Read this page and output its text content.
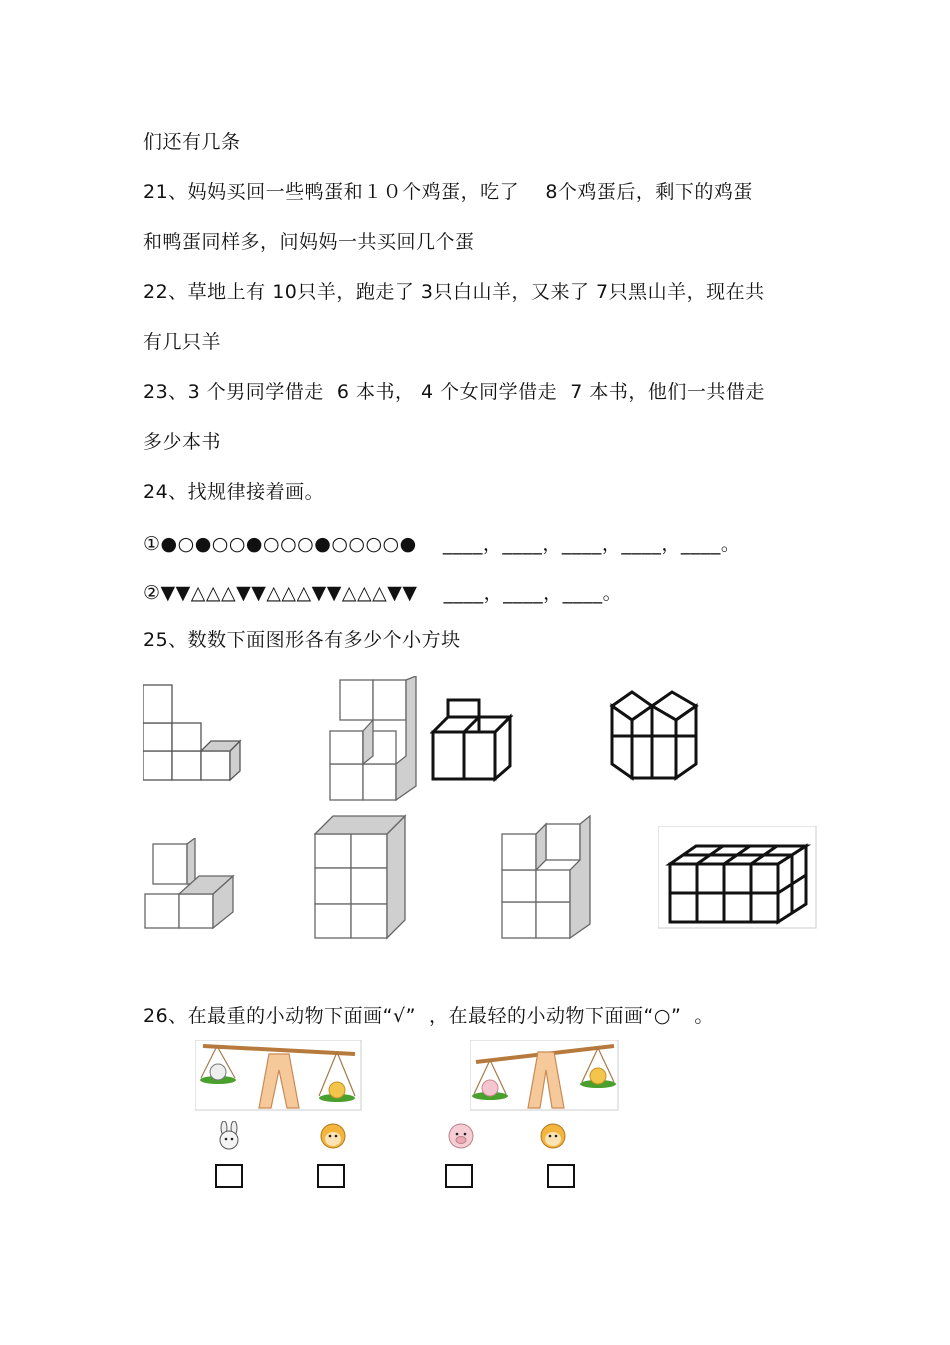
们还有几条
21、妈妈买回一些鸭蛋和１０个鸡蛋，吃了    8个鸡蛋后，剩下的鸡蛋
和鸭蛋同样多，问妈妈一共买回几个蛋
22、草地上有 10只羊，跑走了 3只白山羊，又来了 7只黑山羊，现在共
有几只羊
23、3 个男同学借走  6 本书， 4 个女同学借走  7 本书，他们一共借走
多少本书
24、找规律接着画。
①●○●○○●○○○●○○○○●    ____，____，____，____，____。
②▼▼△△△▼▼△△△▼▼△△△▼▼    ____，____，____。
25、数数下面图形各有多少个小方块
26、在最重的小动物下面画“√”  ，在最轻的小动物下面画“○”  。
